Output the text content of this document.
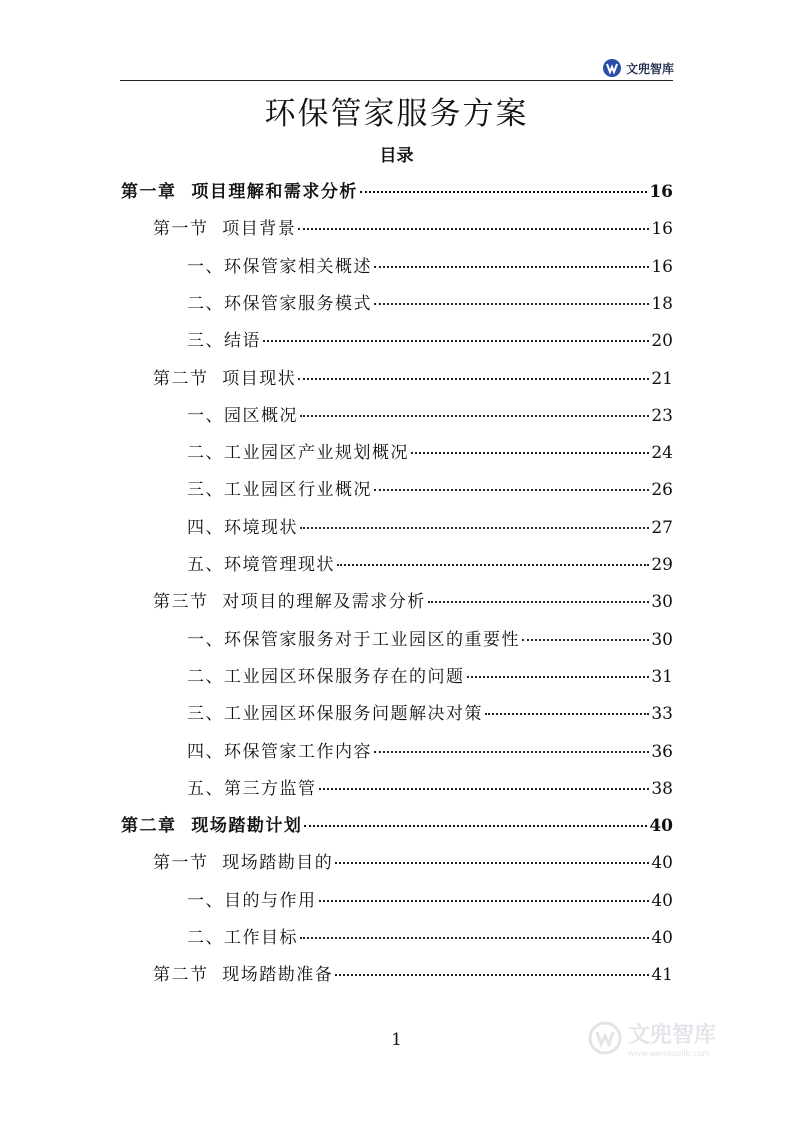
文兜智库
环保管家服务方案
目录
第一章  项目理解和需求分析	16
第一节  项目背景	16
一、环保管家相关概述	16
二、环保管家服务模式	18
三、结语	20
第二节  项目现状	21
一、园区概况	23
二、工业园区产业规划概况	24
三、工业园区行业概况	26
四、环境现状	27
五、环境管理现状	29
第三节  对项目的理解及需求分析	30
一、环保管家服务对于工业园区的重要性	30
二、工业园区环保服务存在的问题	31
三、工业园区环保服务问题解决对策	33
四、环保管家工作内容	36
五、第三方监管	38
第二章  现场踏勘计划	40
第一节  现场踏勘目的	40
一、目的与作用	40
二、工作目标	40
第二节  现场踏勘准备	41
1	文兜智库
www.wendoulib.com
